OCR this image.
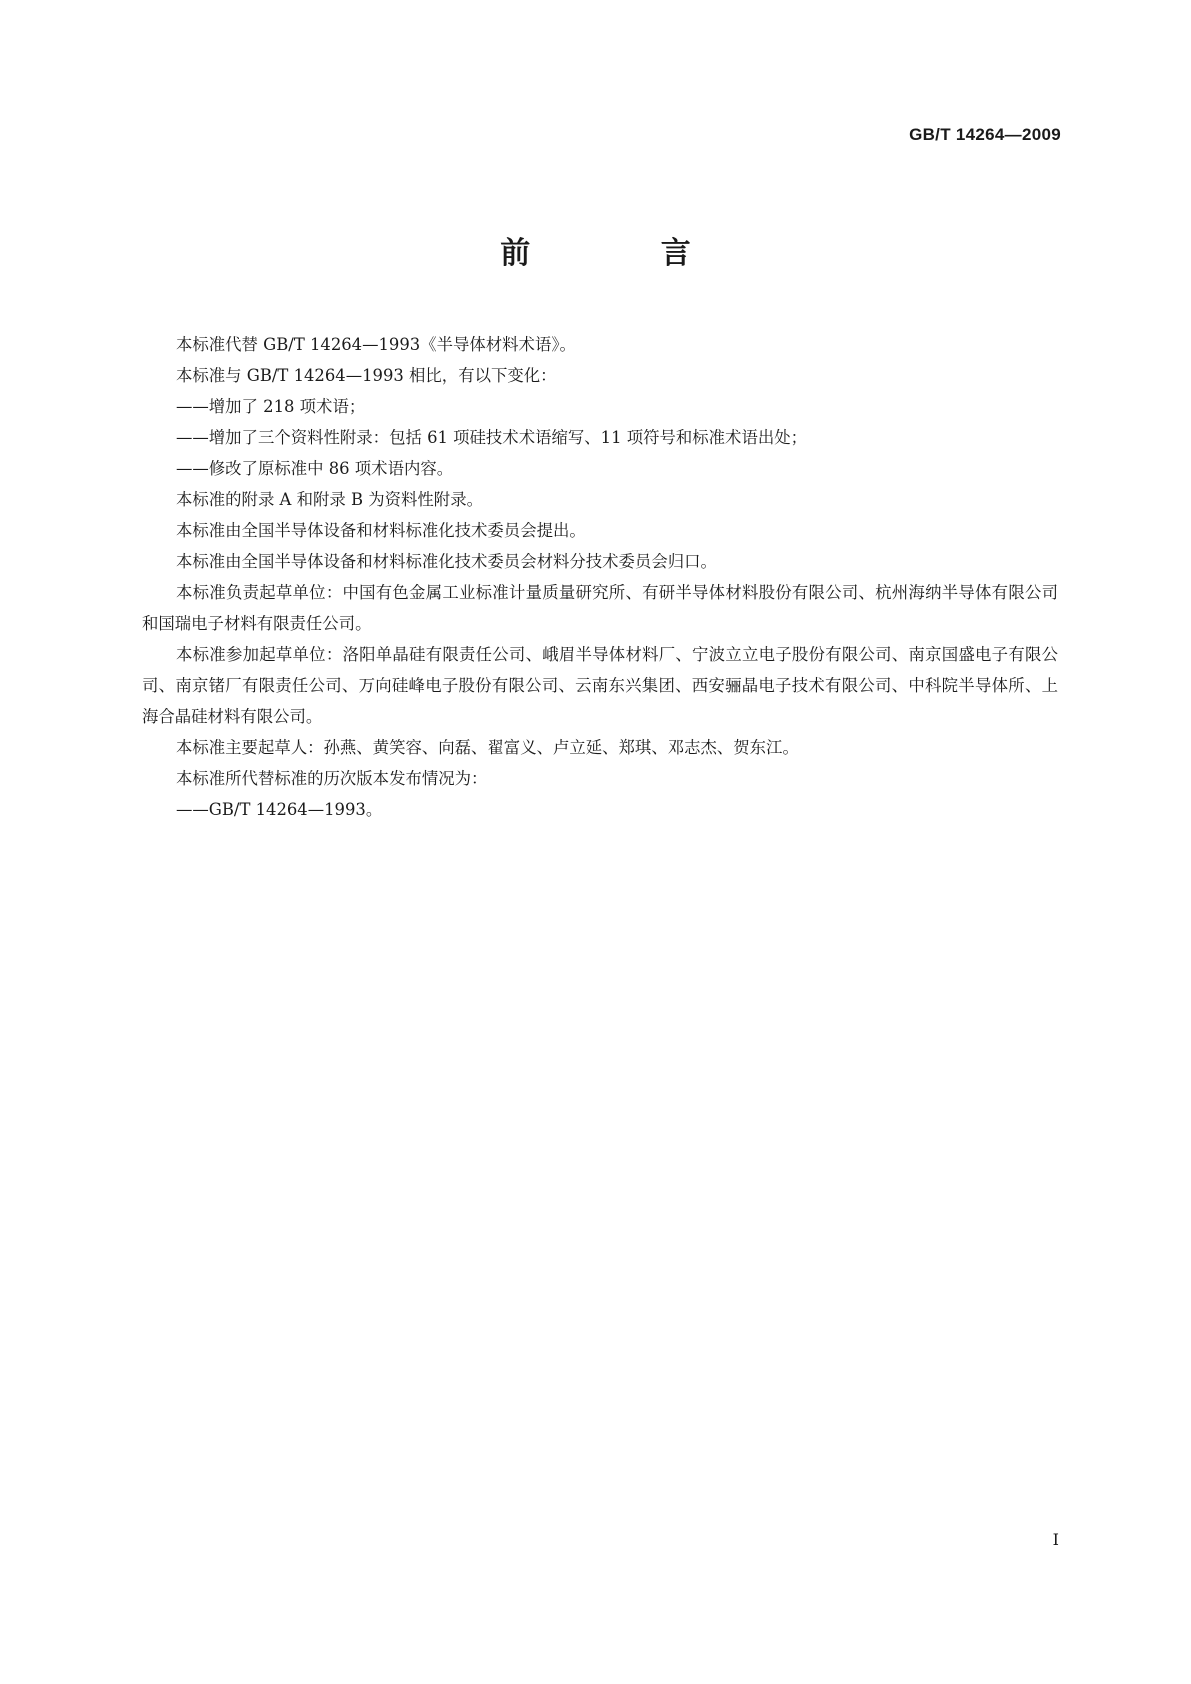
GB/T 14264—2009
前 言

本标准代替 GB/T 14264—1993《半导体材料术语》。

本标准与 GB/T 14264—1993 相比，有以下变化：

——增加了 218 项术语；

——增加了三个资料性附录：包括 61 项硅技术术语缩写、11 项符号和标准术语出处；

——修改了原标准中 86 项术语内容。

本标准的附录 A 和附录 B 为资料性附录。

本标准由全国半导体设备和材料标准化技术委员会提出。

本标准由全国半导体设备和材料标准化技术委员会材料分技术委员会归口。

本标准负责起草单位：中国有色金属工业标准计量质量研究所、有研半导体材料股份有限公司、杭州海纳半导体有限公司和国瑞电子材料有限责任公司。

本标准参加起草单位：洛阳单晶硅有限责任公司、峨眉半导体材料厂、宁波立立电子股份有限公司、南京国盛电子有限公司、南京锗厂有限责任公司、万向硅峰电子股份有限公司、云南东兴集团、西安骊晶电子技术有限公司、中科院半导体所、上海合晶硅材料有限公司。

本标准主要起草人：孙燕、黄笑容、向磊、翟富义、卢立延、郑琪、邓志杰、贺东江。

本标准所代替标准的历次版本发布情况为：

——GB/T 14264—1993。

I
